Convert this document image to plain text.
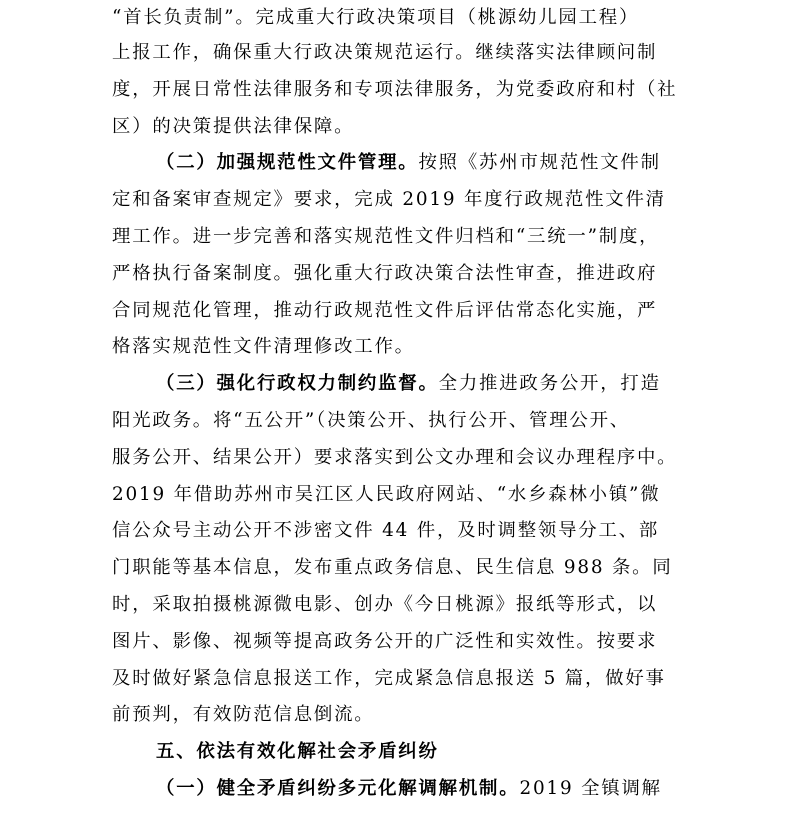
“首长负责制”。完成重大行政决策项目（桃源幼儿园工程）
上报工作，确保重大行政决策规范运行。继续落实法律顾问制
度，开展日常性法律服务和专项法律服务，为党委政府和村（社
区）的决策提供法律保障。
（二）加强规范性文件管理。按照《苏州市规范性文件制
定和备案审查规定》要求，完成 2019 年度行政规范性文件清
理工作。进一步完善和落实规范性文件归档和“三统一”制度，
严格执行备案制度。强化重大行政决策合法性审查，推进政府
合同规范化管理，推动行政规范性文件后评估常态化实施，严
格落实规范性文件清理修改工作。
（三）强化行政权力制约监督。全力推进政务公开，打造
阳光政务。将“五公开”（决策公开、执行公开、管理公开、
服务公开、结果公开）要求落实到公文办理和会议办理程序中。
2019 年借助苏州市吴江区人民政府网站、“水乡森林小镇”微
信公众号主动公开不涉密文件 44 件，及时调整领导分工、部
门职能等基本信息，发布重点政务信息、民生信息 988 条。同
时，采取拍摄桃源微电影、创办《今日桃源》报纸等形式，以
图片、影像、视频等提高政务公开的广泛性和实效性。按要求
及时做好紧急信息报送工作，完成紧急信息报送 5 篇，做好事
前预判，有效防范信息倒流。
五、依法有效化解社会矛盾纠纷
（一）健全矛盾纠纷多元化解调解机制。2019 全镇调解
